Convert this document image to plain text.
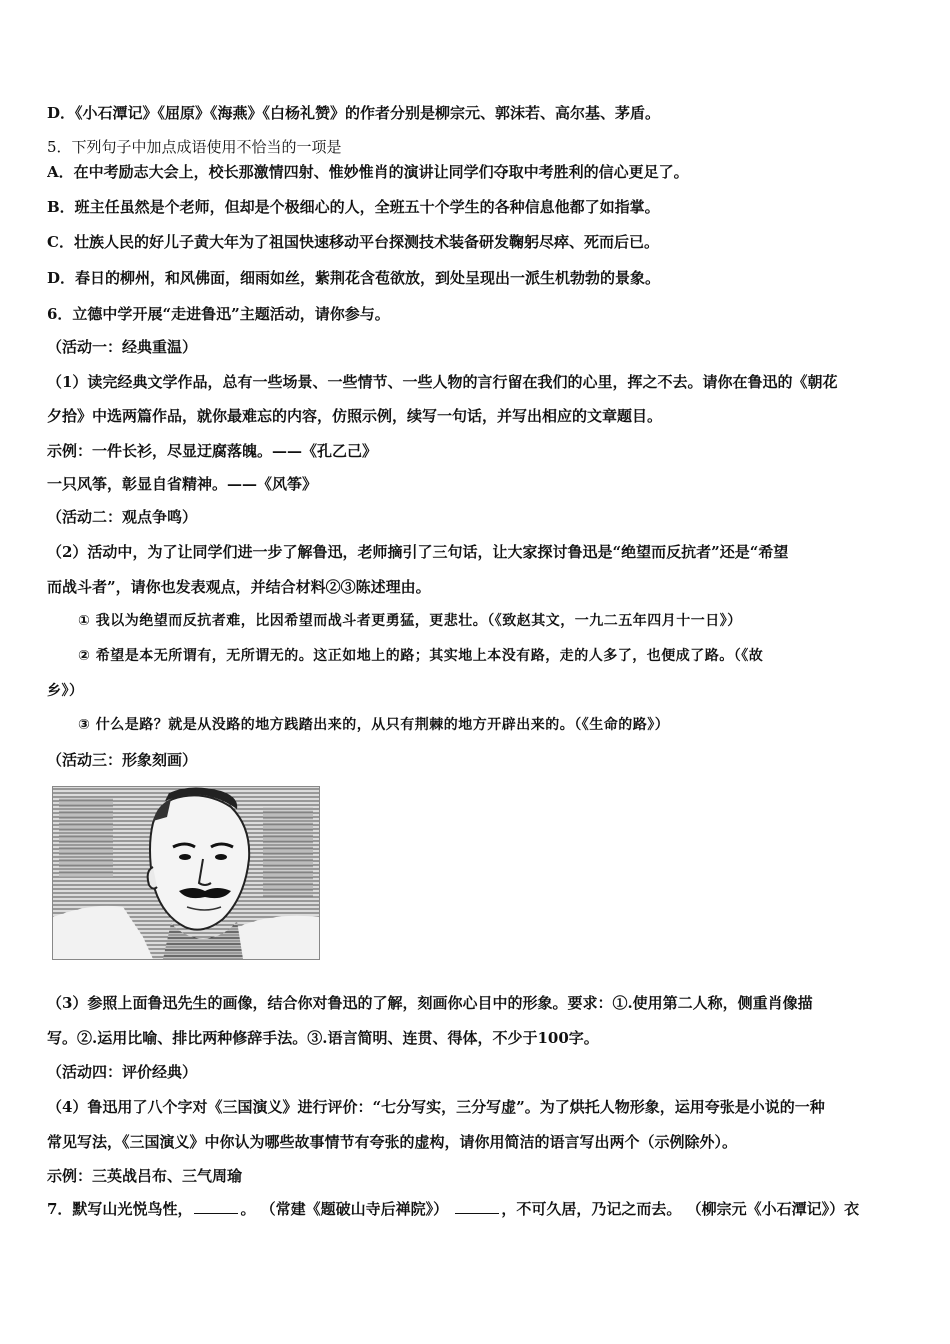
D．《小石潭记》《屈原》《海燕》《白杨礼赞》的作者分别是柳宗元、郭沫若、高尔基、茅盾。
5．下列句子中加点成语使用不恰当的一项是
A．在中考励志大会上，校长那激情四射、惟妙惟肖的演讲让同学们夺取中考胜利的信心更足了。
B．班主任虽然是个老师，但却是个极细心的人，全班五十个学生的各种信息他都了如指掌。
C．壮族人民的好儿子黄大年为了祖国快速移动平台探测技术装备研发鞠躬尽瘁、死而后已。
D．春日的柳州，和风佛面，细雨如丝，紫荆花含苞欲放，到处呈现出一派生机勃勃的景象。
6．立德中学开展“走进鲁迅”主题活动，请你参与。
（活动一：经典重温）
（1）读完经典文学作品，总有一些场景、一些情节、一些人物的言行留在我们的心里，挥之不去。请你在鲁迅的《朝花
夕拾》中选两篇作品，就你最难忘的内容，仿照示例，续写一句话，并写出相应的文章题目。
示例：一件长衫，尽显迂腐落魄。——《孔乙己》
一只风筝，彰显自省精神。——《风筝》
（活动二：观点争鸣）
（2）活动中，为了让同学们进一步了解鲁迅，老师摘引了三句话，让大家探讨鲁迅是“绝望而反抗者”还是“希望
而战斗者”，请你也发表观点，并结合材料②③陈述理由。
① 我以为绝望而反抗者难，比因希望而战斗者更勇猛，更悲壮。（《致赵其文，一九二五年四月十一日》）
② 希望是本无所谓有，无所谓无的。这正如地上的路；其实地上本没有路，走的人多了，也便成了路。（《故
乡》）
③ 什么是路？就是从没路的地方践踏出来的，从只有荆棘的地方开辟出来的。（《生命的路》）
（活动三：形象刻画）
（3）参照上面鲁迅先生的画像，结合你对鲁迅的了解，刻画你心目中的形象。要求：①.使用第二人称，侧重肖像描
写。②.运用比喻、排比两种修辞手法。③.语言简明、连贯、得体，不少于100字。
（活动四：评价经典）
（4）鲁迅用了八个字对《三国演义》进行评价：“七分写实，三分写虚”。为了烘托人物形象，运用夸张是小说的一种
常见写法，《三国演义》中你认为哪些故事情节有夸张的虚构，请你用简洁的语言写出两个（示例除外）。
示例：三英战吕布、三气周瑜
7．默写山光悦鸟性，	。 （常建《题破山寺后禅院》）	，不可久居，乃记之而去。 （柳宗元《小石潭记》）衣
